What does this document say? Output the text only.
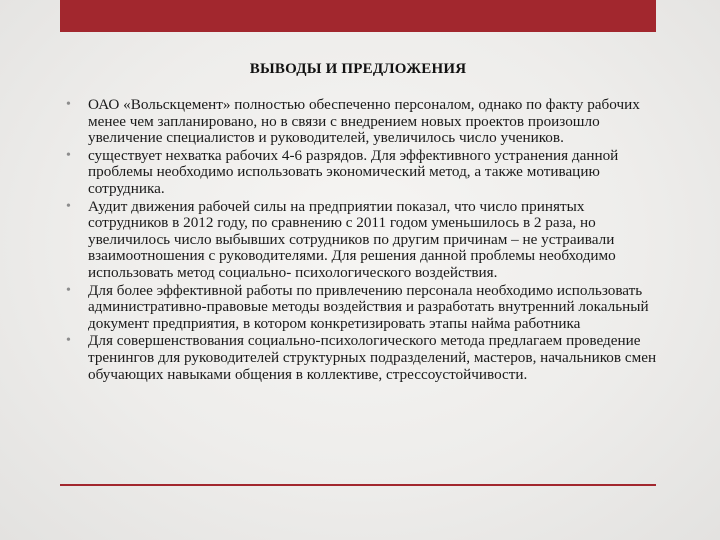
ВЫВОДЫ И ПРЕДЛОЖЕНИЯ
• ОАО «Вольскцемент» полностью обеспеченно персоналом, однако по факту рабочих менее чем запланировано, но в связи с внедрением новых проектов произошло увеличение специалистов и руководителей, увеличилось число учеников.
• существует нехватка рабочих 4-6 разрядов. Для эффективного устранения данной проблемы необходимо использовать экономический метод, а также мотивацию сотрудника.
• Аудит движения рабочей силы на предприятии показал, что число принятых сотрудников в 2012 году, по сравнению с 2011 годом уменьшилось в 2 раза, но увеличилось число выбывших сотрудников по другим причинам – не устраивали взаимоотношения с руководителями. Для решения данной проблемы необходимо использовать метод социально- психологического воздействия.
• Для более эффективной работы по привлечению персонала необходимо использовать административно-правовые методы воздействия и разработать внутренний локальный документ предприятия, в котором конкретизировать этапы найма работника
• Для совершенствования социально-психологического метода предлагаем проведение тренингов для руководителей структурных подразделений, мастеров, начальников смен обучающих навыками общения в коллективе, стрессоустойчивости.
